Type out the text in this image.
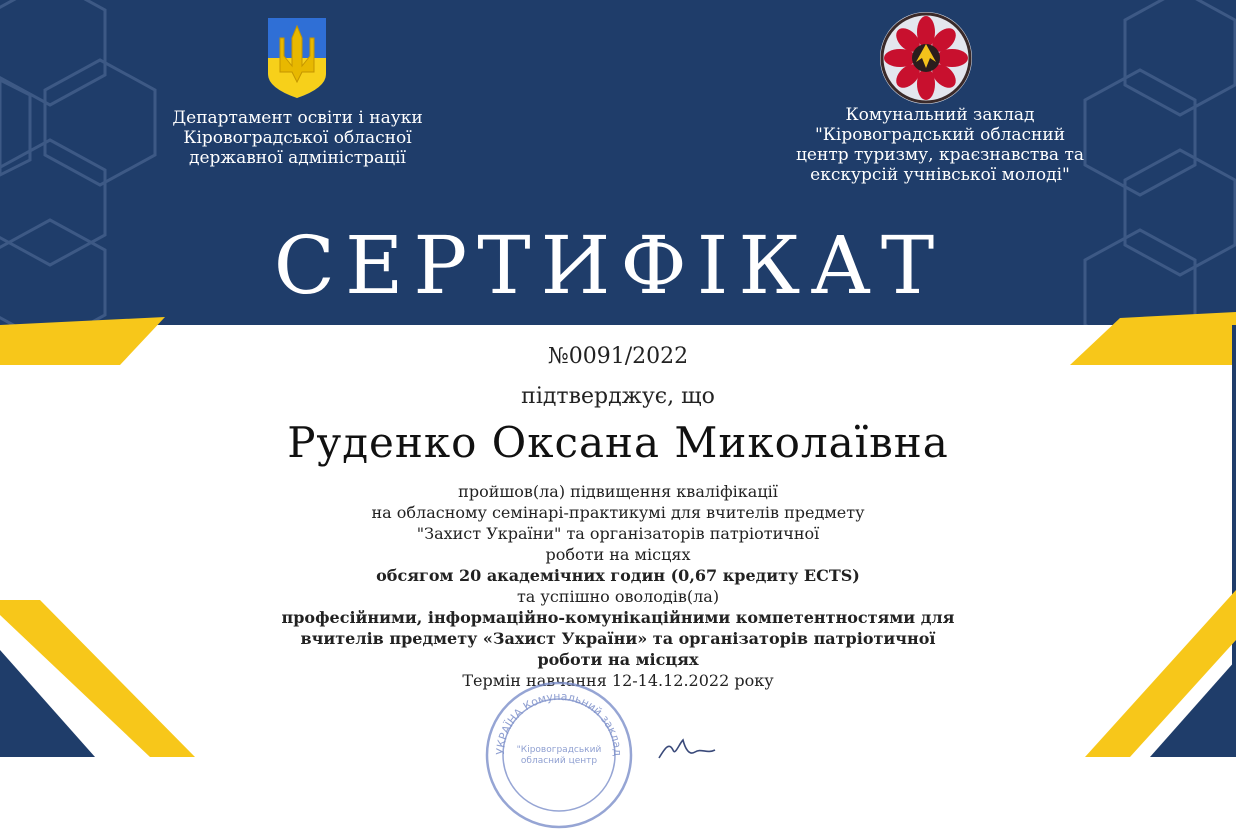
Департамент освіти і науки
Кіровоградської обласної
державної адміністрації
Комунальний заклад
"Кіровоградський обласний
центр туризму, краєзнавства та
екскурсій учнівської молоді"
СЕРТИФІКАТ
№0091/2022
підтверджує, що
Руденко Оксана Миколаївна
пройшов(ла) підвищення кваліфікації
на обласному семінарі-практикумі для вчителів предмету
"Захист України" та організаторів патріотичної
роботи на місцях
обсягом 20 академічних годин (0,67 кредиту ECTS)
та успішно оволодів(ла)
професійними, інформаційно-комунікаційними компетентностями для
вчителів предмету «Захист України» та організаторів патріотичної
роботи на місцях
Термін навчання 12-14.12.2022 року
УКРАЇНА Комунальний заклад
"Кіровоградський
обласний центр
